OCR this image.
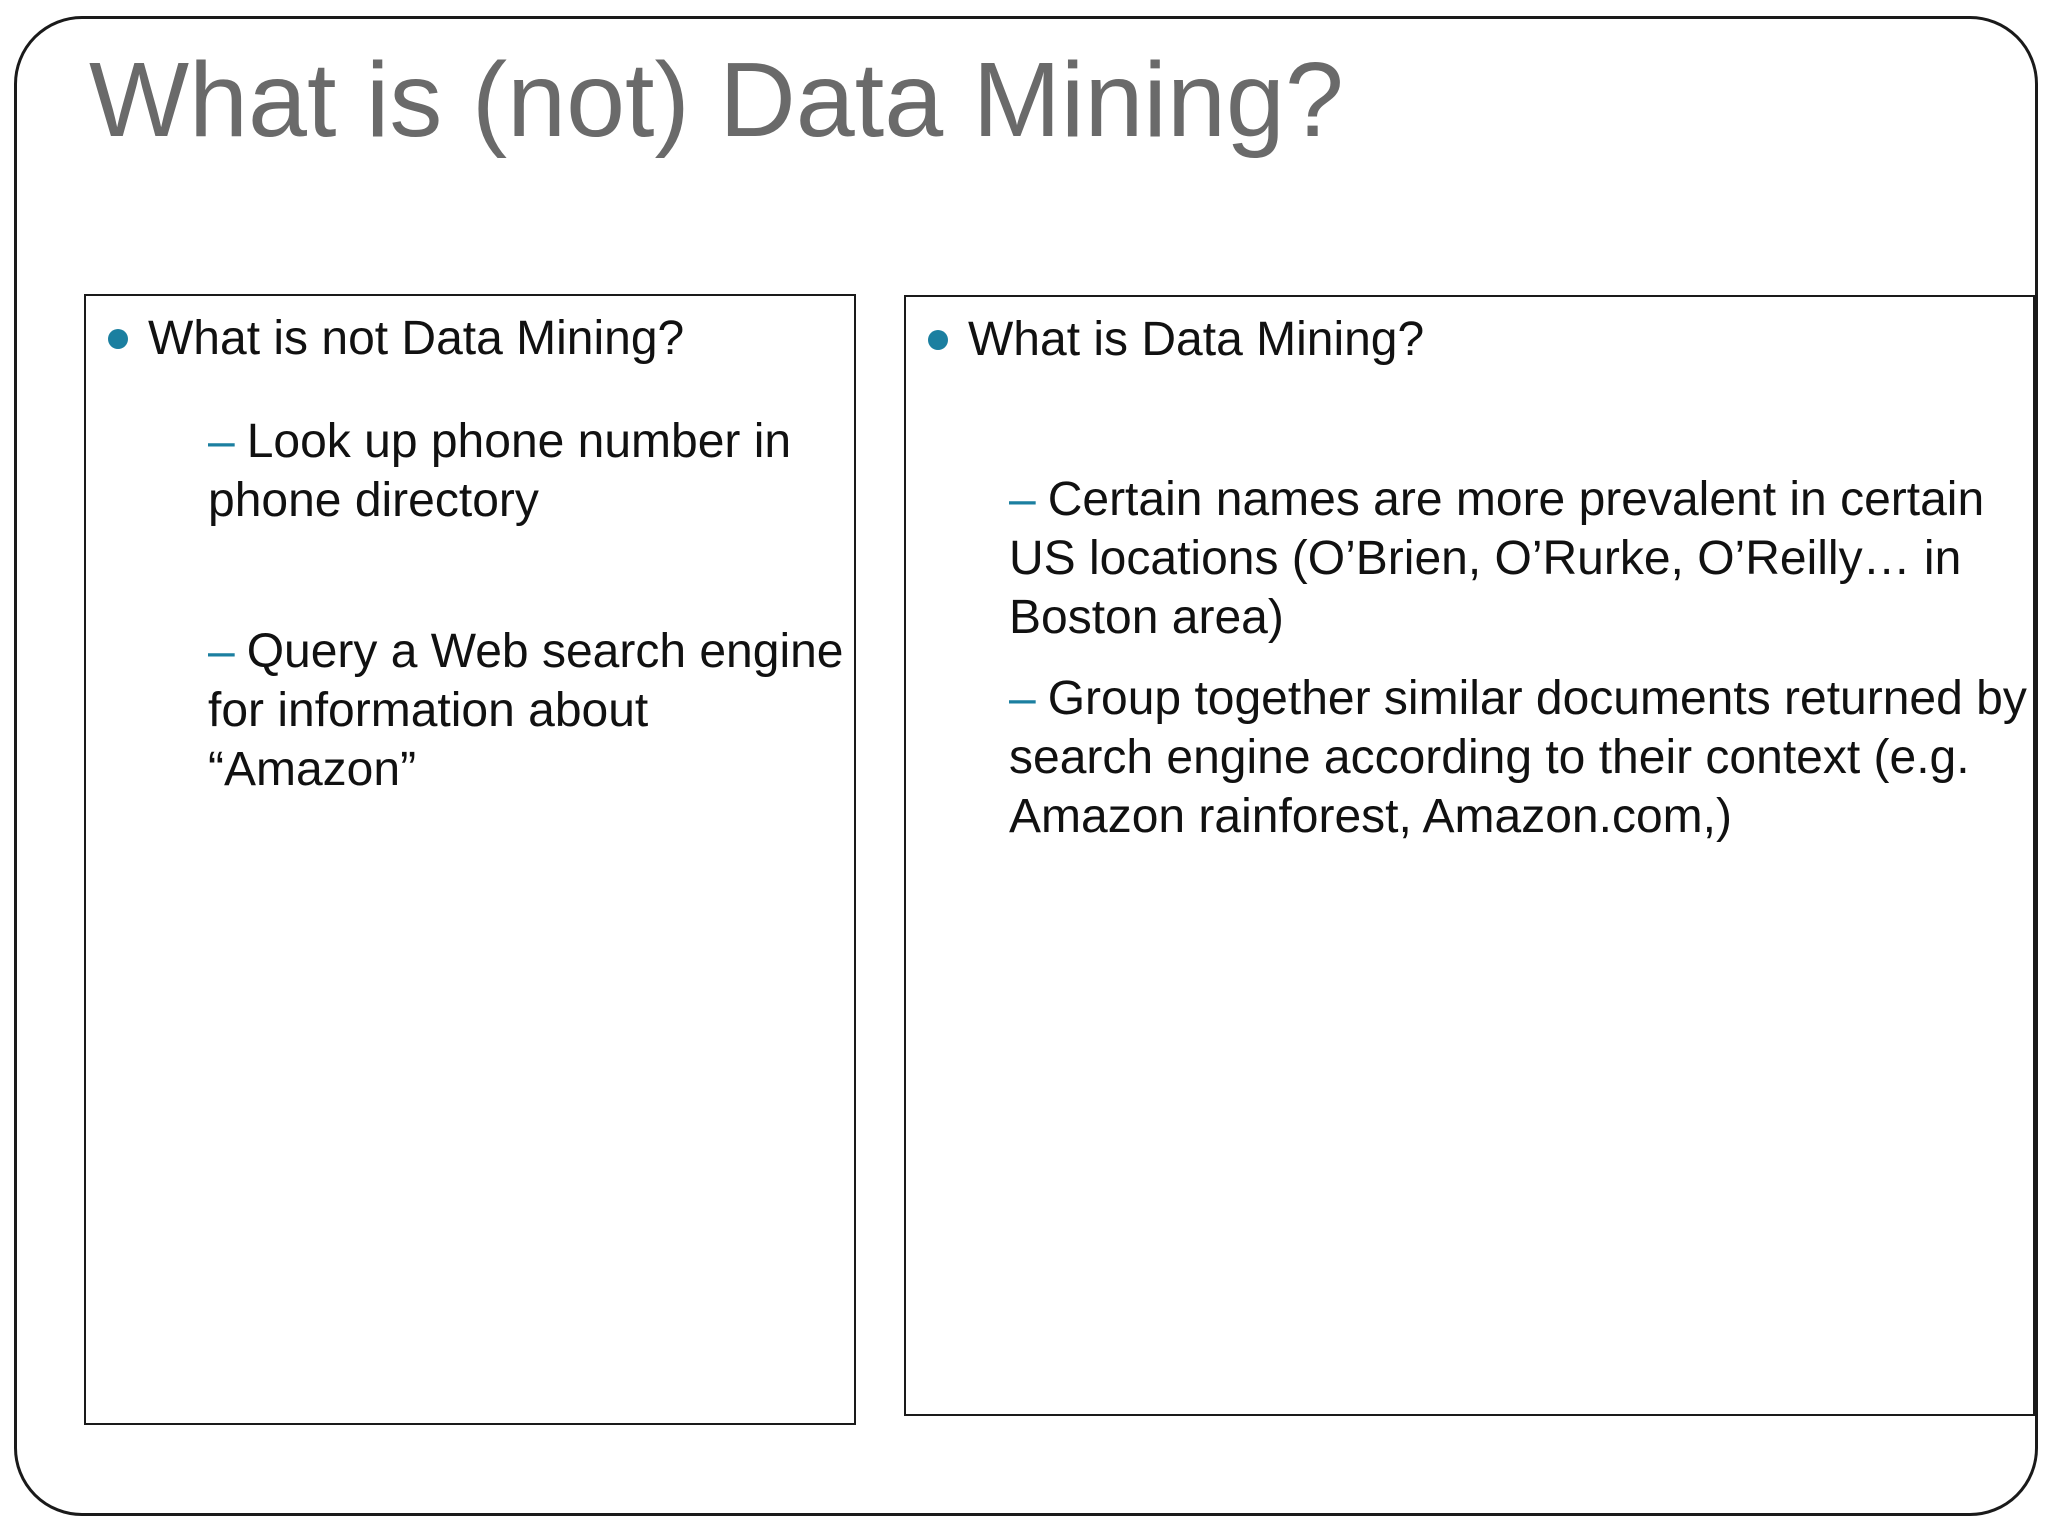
What is (not) Data Mining?
What is not Data Mining?

– Look up phone number in phone directory

– Query a Web search engine for information about “Amazon”

What is Data Mining?

– Certain names are more prevalent in certain US locations (O’Brien, O’Rurke, O’Reilly… in Boston area)

– Group together similar documents returned by search engine according to their context (e.g. Amazon rainforest, Amazon.com,)
